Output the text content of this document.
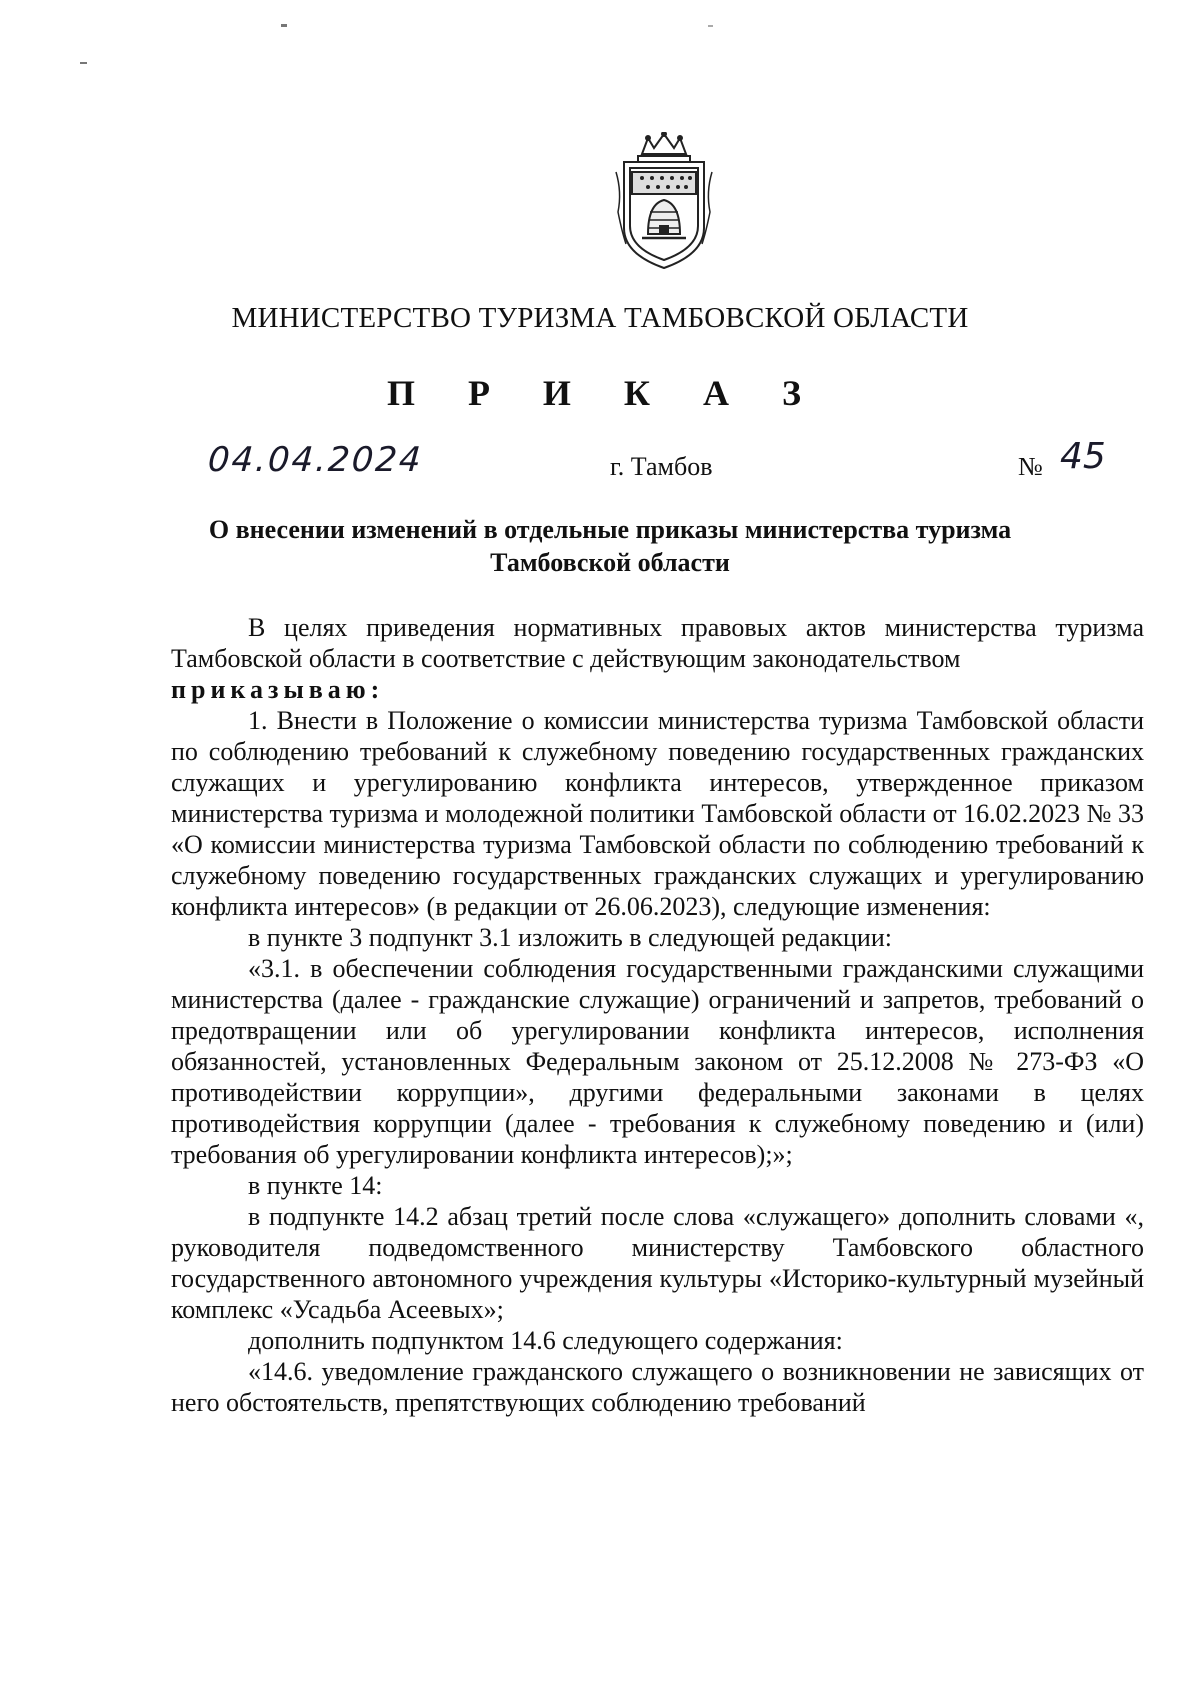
МИНИСТЕРСТВО ТУРИЗМА ТАМБОВСКОЙ ОБЛАСТИ
П Р И К А З
04.04.2024	г. Тамбов	№ 45
О внесении изменений в отдельные приказы министерства туризма
Тамбовской области

В целях приведения нормативных правовых актов министерства туризма Тамбовской области в соответствие с действующим законодательством

приказываю:

1. Внести в Положение о комиссии министерства туризма Тамбовской области по соблюдению требований к служебному поведению государственных гражданских служащих и урегулированию конфликта интересов, утвержденное приказом министерства туризма и молодежной политики Тамбовской области от 16.02.2023 № 33 «О комиссии министерства туризма Тамбовской области по соблюдению требований к служебному поведению государственных гражданских служащих и урегулированию конфликта интересов» (в редакции от 26.06.2023), следующие изменения:

в пункте 3 подпункт 3.1 изложить в следующей редакции:

«3.1. в обеспечении соблюдения государственными гражданскими служащими министерства (далее - гражданские служащие) ограничений и запретов, требований о предотвращении или об урегулировании конфликта интересов, исполнения обязанностей, установленных Федеральным законом от 25.12.2008 № 273-ФЗ «О противодействии коррупции», другими федеральными законами в целях противодействия коррупции (далее - требования к служебному поведению и (или) требования об урегулировании конфликта интересов);»;

в пункте 14:

в подпункте 14.2 абзац третий после слова «служащего» дополнить словами «, руководителя подведомственного министерству Тамбовского областного государственного автономного учреждения культуры «Историко-культурный музейный комплекс «Усадьба Асеевых»;

дополнить подпунктом 14.6 следующего содержания:

«14.6. уведомление гражданского служащего о возникновении не зависящих от него обстоятельств, препятствующих соблюдению требований
